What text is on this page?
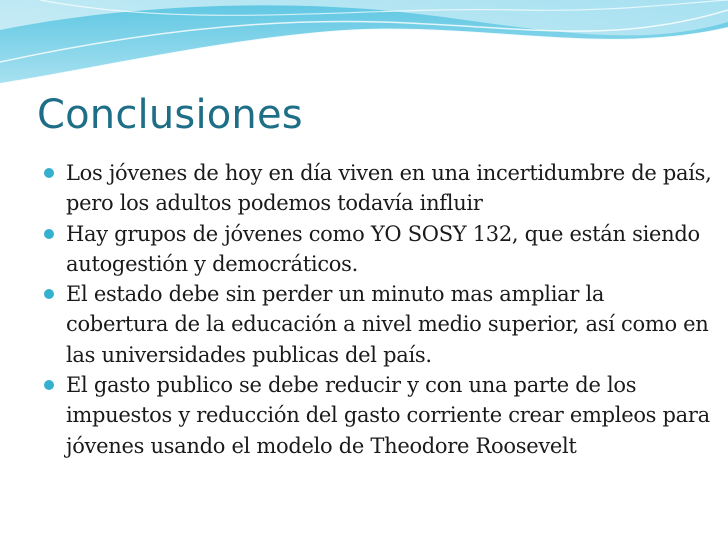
Conclusiones
Los jóvenes de hoy en día viven en una incertidumbre de país, pero los adultos podemos todavía influir
Hay grupos de jóvenes como YO SOSY 132, que están siendo autogestión y democráticos.
El estado debe sin perder un minuto mas ampliar la cobertura de la educación a nivel medio superior, así como en las universidades publicas del país.
El gasto publico se debe reducir y con una parte de los impuestos y reducción del gasto corriente crear empleos para jóvenes usando el modelo de Theodore Roosevelt
